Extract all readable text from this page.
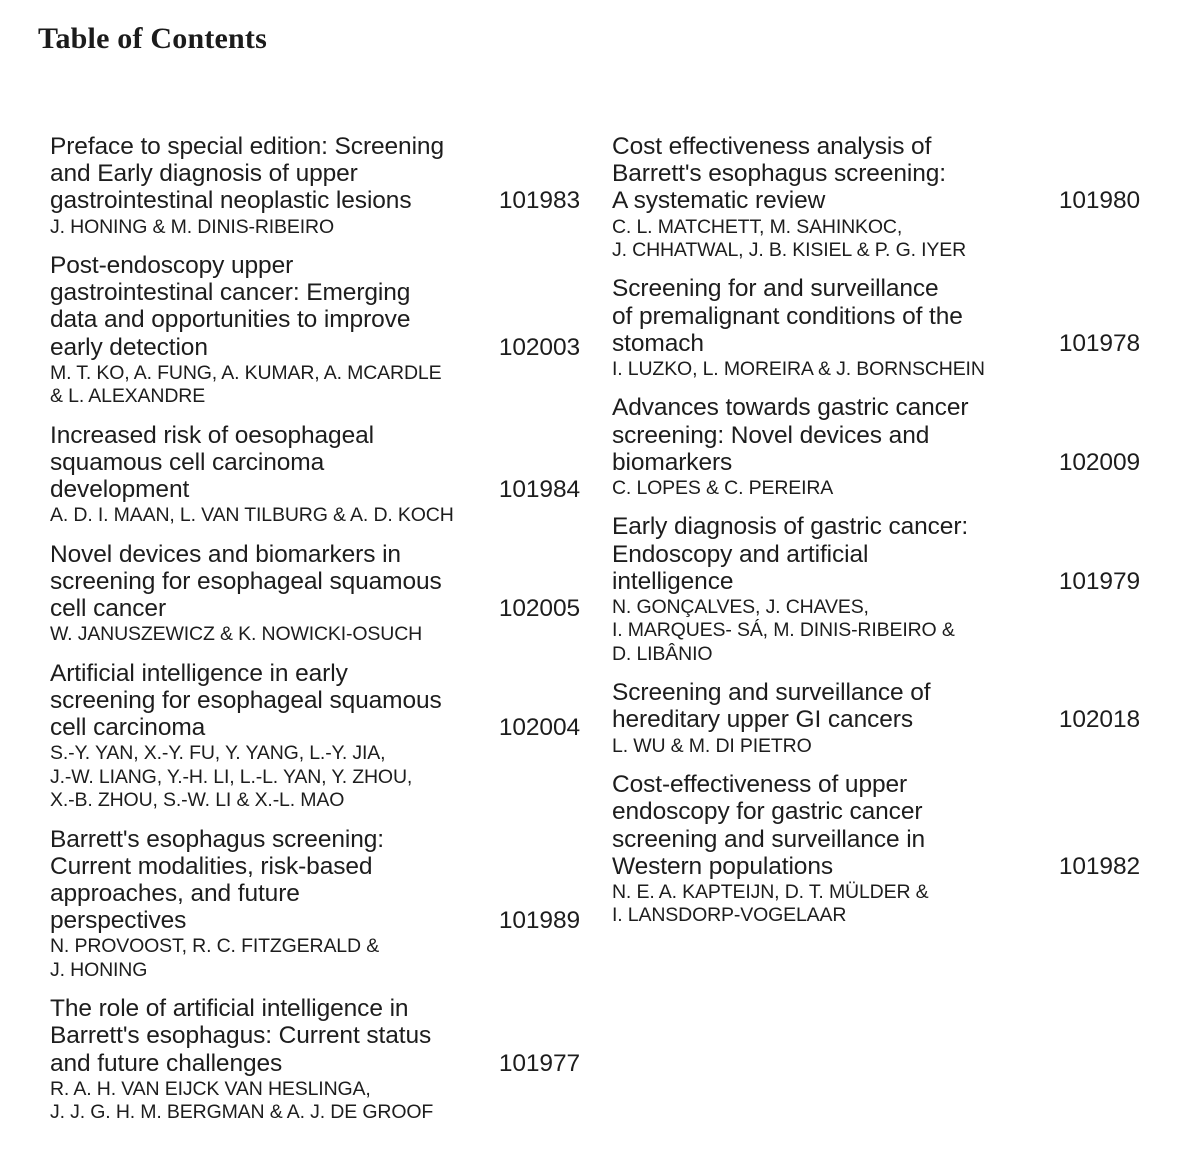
Table of Contents
Preface to special edition: Screening
and Early diagnosis of upper
gastrointestinal neoplastic lesions	101983
J. HONING & M. DINIS-RIBEIRO
Post-endoscopy upper
gastrointestinal cancer: Emerging
data and opportunities to improve
early detection	102003
M. T. KO, A. FUNG, A. KUMAR, A. MCARDLE
& L. ALEXANDRE
Increased risk of oesophageal
squamous cell carcinoma
development	101984
A. D. I. MAAN, L. VAN TILBURG & A. D. KOCH
Novel devices and biomarkers in
screening for esophageal squamous
cell cancer	102005
W. JANUSZEWICZ & K. NOWICKI-OSUCH
Artificial intelligence in early
screening for esophageal squamous
cell carcinoma	102004
S.-Y. YAN, X.-Y. FU, Y. YANG, L.-Y. JIA,
J.-W. LIANG, Y.-H. LI, L.-L. YAN, Y. ZHOU,
X.-B. ZHOU, S.-W. LI & X.-L. MAO
Barrett's esophagus screening:
Current modalities, risk-based
approaches, and future
perspectives	101989
N. PROVOOST, R. C. FITZGERALD &
J. HONING
The role of artificial intelligence in
Barrett's esophagus: Current status
and future challenges	101977
R. A. H. VAN EIJCK VAN HESLINGA,
J. J. G. H. M. BERGMAN & A. J. DE GROOF
Cost effectiveness analysis of
Barrett's esophagus screening:
A systematic review	101980
C. L. MATCHETT, M. SAHINKOC,
J. CHHATWAL, J. B. KISIEL & P. G. IYER
Screening for and surveillance
of premalignant conditions of the
stomach	101978
I. LUZKO, L. MOREIRA & J. BORNSCHEIN
Advances towards gastric cancer
screening: Novel devices and
biomarkers	102009
C. LOPES & C. PEREIRA
Early diagnosis of gastric cancer:
Endoscopy and artificial
intelligence	101979
N. GONÇALVES, J. CHAVES,
I. MARQUES- SÁ, M. DINIS-RIBEIRO &
D. LIBÂNIO
Screening and surveillance of
hereditary upper GI cancers	102018
L. WU & M. DI PIETRO
Cost-effectiveness of upper
endoscopy for gastric cancer
screening and surveillance in
Western populations	101982
N. E. A. KAPTEIJN, D. T. MÜLDER &
I. LANSDORP-VOGELAAR
